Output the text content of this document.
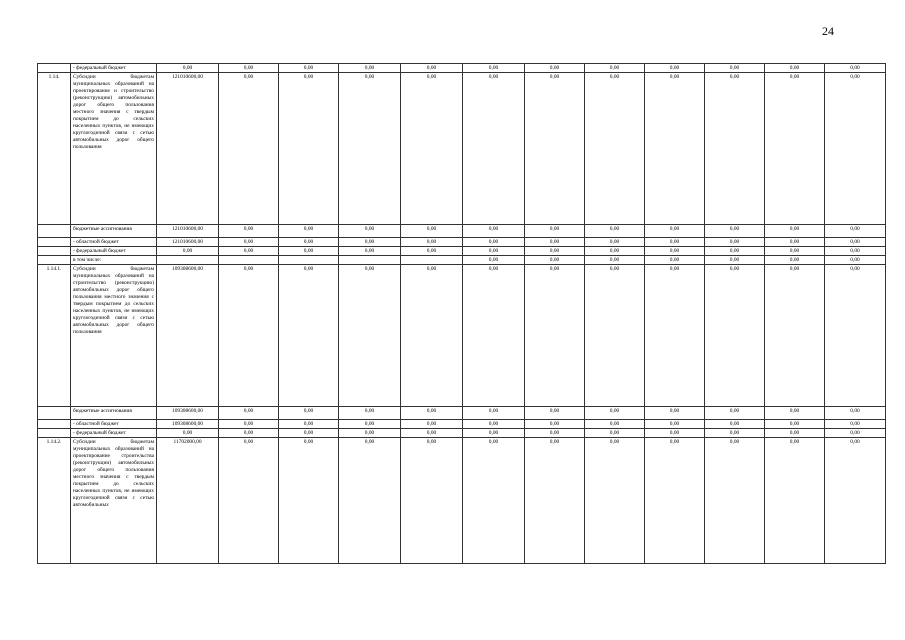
24
	- федеральный бюджет	0,00	0,00	0,00	0,00	0,00	0,00	0,00	0,00	0,00	0,00	0,00	0,00
1.14.	Субсидии бюджетам муниципальных образований на проектирование и строительство (реконструкцию) автомобильных дорог общего пользования местного значения с твердым покрытием до сельских населенных пунктов, не имеющих круглогодичной связи с сетью автомобильных дорог общего пользования	121010600,00	0,00	0,00	0,00	0,00	0,00	0,00	0,00	0,00	0,00	0,00	0,00
	бюджетные ассигнования	121010600,00	0,00	0,00	0,00	0,00	0,00	0,00	0,00	0,00	0,00	0,00	0,00
	- областной бюджет	121010600,00	0,00	0,00	0,00	0,00	0,00	0,00	0,00	0,00	0,00	0,00	0,00
	- федеральный бюджет	0,00	0,00	0,00	0,00	0,00	0,00	0,00	0,00	0,00	0,00	0,00	0,00
	в том числе:						0,00	0,00	0,00	0,00	0,00	0,00	0,00
1.14.1.	Субсидии бюджетам муниципальных образований на строительство (реконструкцию) автомобильных дорог общего пользования местного значения с твердым покрытием до сельских населенных пунктов, не имеющих круглогодичной связи с сетью автомобильных дорог общего пользования	109308600,00	0,00	0,00	0,00	0,00	0,00	0,00	0,00	0,00	0,00	0,00	0,00
	бюджетные ассигнования	109308600,00	0,00	0,00	0,00	0,00	0,00	0,00	0,00	0,00	0,00	0,00	0,00
	- областной бюджет	109308600,00	0,00	0,00	0,00	0,00	0,00	0,00	0,00	0,00	0,00	0,00	0,00
	- федеральный бюджет	0,00	0,00	0,00	0,00	0,00	0,00	0,00	0,00	0,00	0,00	0,00	0,00
1.14.2.	Субсидии бюджетам муниципальных образований на проектирование строительства (реконструкции) автомобильных дорог общего пользования местного значения с твердым покрытием до сельских населенных пунктов, не имеющих круглогодичной связи с сетью автомобильных	11702000,00	0,00	0,00	0,00	0,00	0,00	0,00	0,00	0,00	0,00	0,00	0,00
